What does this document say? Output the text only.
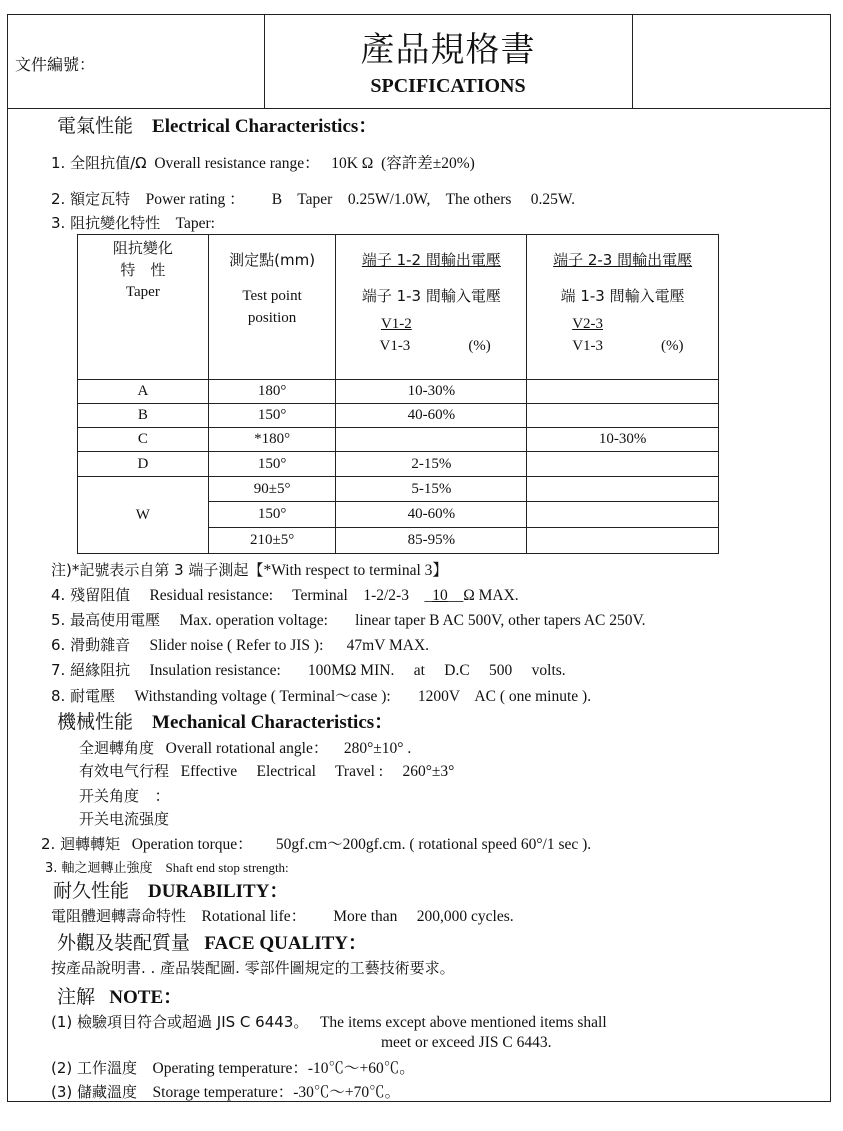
文件編號：	產品規格書
SPCIFICATIONS
電氣性能 Electrical Characteristics：
1. 全阻抗值/Ω Overall resistance range：   10K Ω  (容許差±20%)
2. 額定瓦特 Power rating ：       B    Taper    0.25W/1.0W,    The others     0.25W.
3. 阻抗變化特性 Taper:
阻抗變化
特　性
Taper	測定點(mm)
Test point
position	端子 1-2 間輸出電壓
端子 1-3 間輸入電壓
V1-2
V1-3 (%)	端子 2-3 間輸出電壓
端 1-3 間輸入電壓
V2-3
V1-3 (%)

A	180°	10-30%	
B	150°	40-60%	
C	*180°		10-30%
D	150°	2-15%	
W	90±5°	5-15%	
	150°	40-60%	
	210±5°	85-95%	
注)*記號表示自第 3 端子測起【*With respect to terminal 3】
4. 殘留阻值 Residual resistance:     Terminal    1-2/2-3    _10__Ω MAX.
5. 最高使用電壓 Max. operation voltage:       linear taper B AC 500V, other tapers AC 250V.
6. 滑動雜音 Slider noise ( Refer to JIS ):      47mV MAX.
7. 絕緣阻抗 Insulation resistance:       100MΩ MIN.     at     D.C     500     volts.
8. 耐電壓 Withstanding voltage ( Terminal～case ):       1200V    AC ( one minute ).
機械性能 Mechanical Characteristics：
全迴轉角度 Overall rotational angle：    280°±10° .
有效电气行程 Effective     Electrical     Travel :     260°±3°
开关角度 ：
开关电流强度
2. 迴轉轉矩 Operation torque：      50gf.cm～200gf.cm. ( rotational speed 60°/1 sec ).
3. 軸之迴轉止強度 Shaft end stop strength:
耐久性能 DURABILITY：
電阻體迴轉壽命特性 Rotational life：       More than     200,000 cycles.
外觀及裝配質量 FACE QUALITY：
按產品說明書. . 產品裝配圖. 零部件圖規定的工藝技術要求。
注解 NOTE：
(1) 檢驗項目符合或超過 JIS C 6443。 The items except above mentioned items shall
meet or exceed JIS C 6443.
(2) 工作溫度 Operating temperature：-10℃～+60℃。
(3) 儲藏溫度 Storage temperature：-30℃～+70℃。
